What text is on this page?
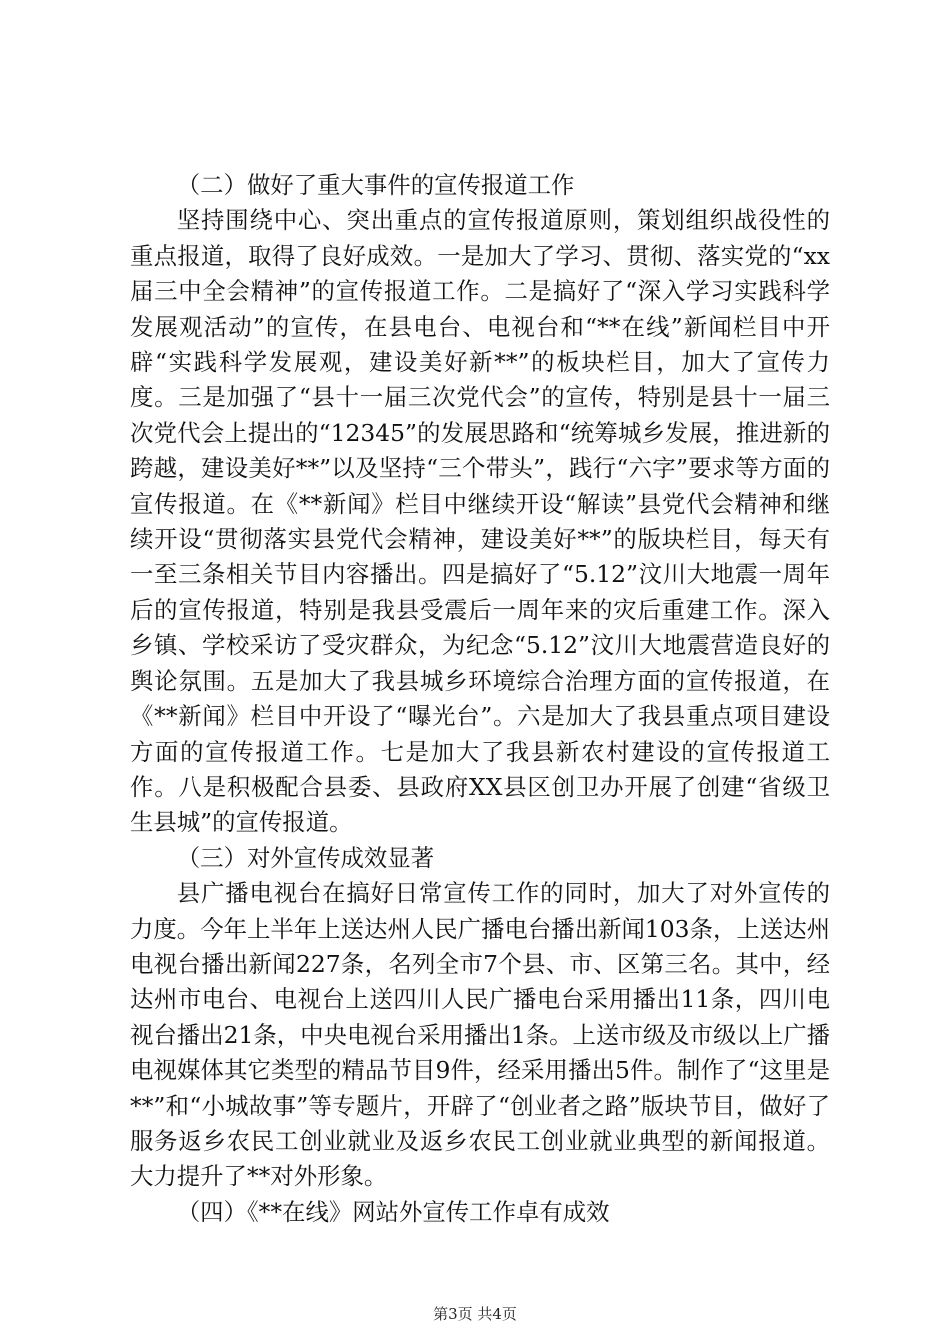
（二）做好了重大事件的宣传报道工作

坚持围绕中心、突出重点的宣传报道原则，策划组织战役性的重点报道，取得了良好成效。一是加大了学习、贯彻、落实党的“xx届三中全会精神”的宣传报道工作。二是搞好了“深入学习实践科学发展观活动”的宣传，在县电台、电视台和“**在线”新闻栏目中开辟“实践科学发展观，建设美好新**”的板块栏目，加大了宣传力度。三是加强了“县十一届三次党代会”的宣传，特别是县十一届三次党代会上提出的“12345”的发展思路和“统筹城乡发展，推进新的跨越，建设美好**”以及坚持“三个带头”，践行“六字”要求等方面的宣传报道。在《**新闻》栏目中继续开设“解读”县党代会精神和继续开设“贯彻落实县党代会精神，建设美好**”的版块栏目，每天有一至三条相关节目内容播出。四是搞好了“5.12”汶川大地震一周年后的宣传报道，特别是我县受震后一周年来的灾后重建工作。深入乡镇、学校采访了受灾群众，为纪念“5.12”汶川大地震营造良好的舆论氛围。五是加大了我县城乡环境综合治理方面的宣传报道，在《**新闻》栏目中开设了“曝光台”。六是加大了我县重点项目建设方面的宣传报道工作。七是加大了我县新农村建设的宣传报道工作。八是积极配合县委、县政府XX县区创卫办开展了创建“省级卫生县城”的宣传报道。

（三）对外宣传成效显著

县广播电视台在搞好日常宣传工作的同时，加大了对外宣传的力度。今年上半年上送达州人民广播电台播出新闻103条，上送达州电视台播出新闻227条，名列全市7个县、市、区第三名。其中，经达州市电台、电视台上送四川人民广播电台采用播出11条，四川电视台播出21条，中央电视台采用播出1条。上送市级及市级以上广播电视媒体其它类型的精品节目9件，经采用播出5件。制作了“这里是**”和“小城故事”等专题片，开辟了“创业者之路”版块节目，做好了服务返乡农民工创业就业及返乡农民工创业就业典型的新闻报道。大力提升了**对外形象。

（四）《**在线》网站外宣传工作卓有成效

第3页 共4页
